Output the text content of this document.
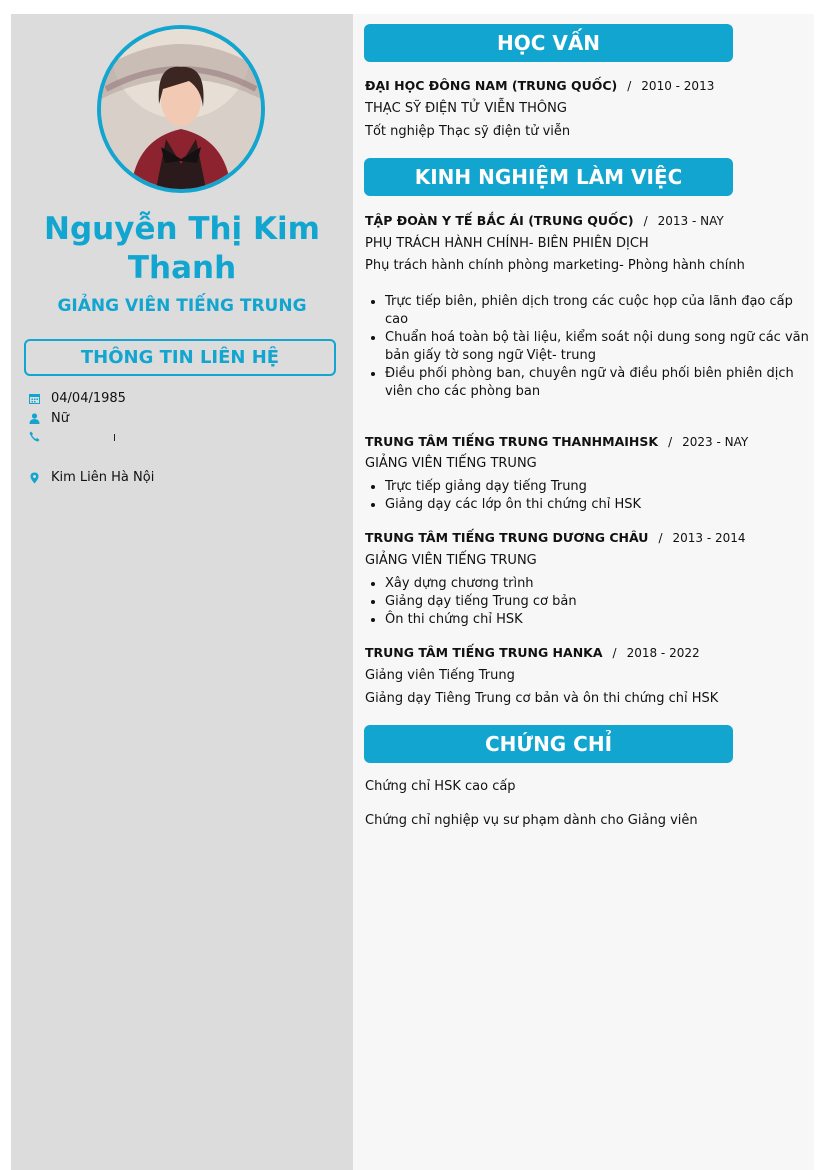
Nguyễn Thị Kim
Thanh
GIẢNG VIÊN TIẾNG TRUNG
THÔNG TIN LIÊN HỆ
04/04/1985
Nữ
Kim Liên Hà Nội
HỌC VẤN
ĐẠI HỌC ĐÔNG NAM (TRUNG QUỐC) / 2010 - 2013
THẠC SỸ ĐIỆN TỬ VIỄN THÔNG
Tốt nghiệp Thạc sỹ điện tử viễn
KINH NGHIỆM LÀM VIỆC
TẬP ĐOÀN Y TẾ BẮC ÁI (TRUNG QUỐC) / 2013 - NAY
PHỤ TRÁCH HÀNH CHÍNH- BIÊN PHIÊN DỊCH
Phụ trách hành chính phòng marketing- Phòng hành chính
• Trực tiếp biên, phiên dịch trong các cuộc họp của lãnh đạo cấp cao
• Chuẩn hoá toàn bộ tài liệu, kiểm soát nội dung song ngữ các văn bản giấy tờ song ngữ Việt- trung
• Điều phối phòng ban, chuyên ngữ và điều phối biên phiên dịch viên cho các phòng ban
TRUNG TÂM TIẾNG TRUNG THANHMAIHSK / 2023 - NAY
GIẢNG VIÊN TIẾNG TRUNG
• Trực tiếp giảng dạy tiếng Trung
• Giảng dạy các lớp ôn thi chứng chỉ HSK
TRUNG TÂM TIẾNG TRUNG DƯƠNG CHÂU / 2013 - 2014
GIẢNG VIÊN TIẾNG TRUNG
• Xây dựng chương trình
• Giảng dạy tiếng Trung cơ bản
• Ôn thi chứng chỉ HSK
TRUNG TÂM TIẾNG TRUNG HANKA / 2018 - 2022
Giảng viên Tiếng Trung
Giảng dạy Tiêng Trung cơ bản và ôn thi chứng chỉ HSK
CHỨNG CHỈ
Chứng chỉ HSK cao cấp
Chứng chỉ nghiệp vụ sư phạm dành cho Giảng viên
